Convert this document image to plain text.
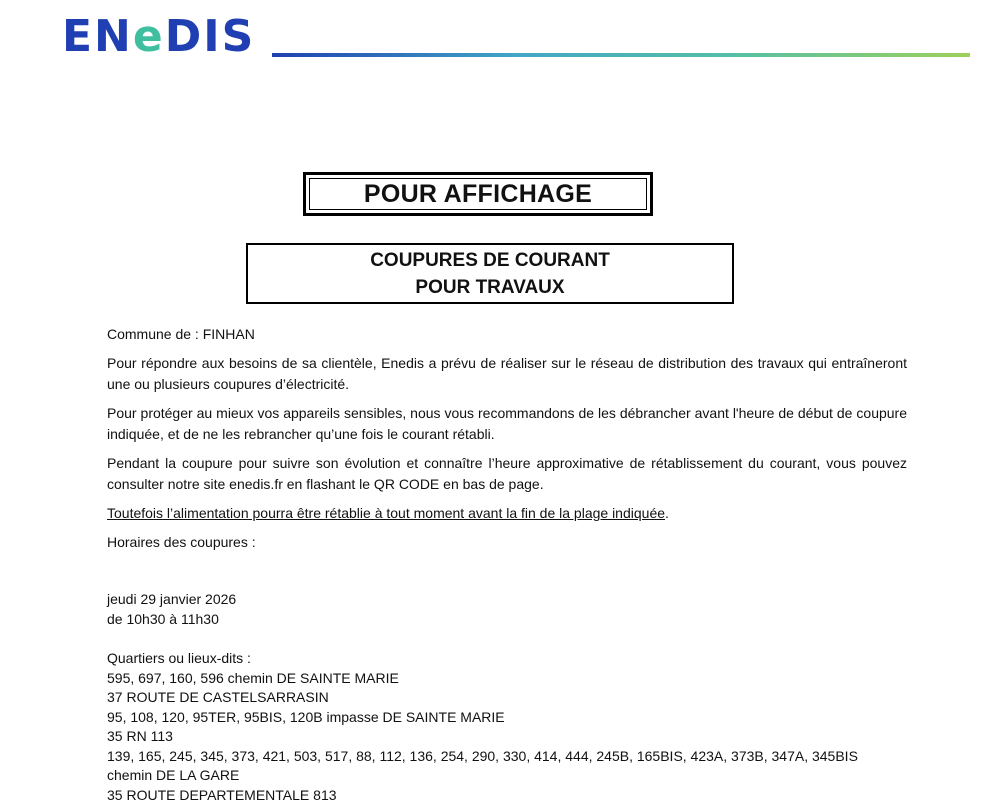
ENeDIS
POUR AFFICHAGE
COUPURES DE COURANT
POUR TRAVAUX

Commune de : FINHAN

Pour répondre aux besoins de sa clientèle, Enedis a prévu de réaliser sur le réseau de distribution des travaux qui entraîneront une ou plusieurs coupures d’électricité.

Pour protéger au mieux vos appareils sensibles, nous vous recommandons de les débrancher avant l'heure de début de coupure indiquée, et de ne les rebrancher qu’une fois le courant rétabli.

Pendant la coupure pour suivre son évolution et connaître l’heure approximative de rétablissement du courant, vous pouvez consulter notre site enedis.fr en flashant le QR CODE en bas de page.

Toutefois l’alimentation pourra être rétablie à tout moment avant la fin de la plage indiquée.

Horaires des coupures :

jeudi 29 janvier 2026
de 10h30 à 11h30
Quartiers ou lieux-dits :
595, 697, 160, 596 chemin DE SAINTE MARIE
37 ROUTE DE CASTELSARRASIN
95, 108, 120, 95TER, 95BIS, 120B impasse DE SAINTE MARIE
35 RN 113
139, 165, 245, 345, 373, 421, 503, 517, 88, 112, 136, 254, 290, 330, 414, 444, 245B, 165BIS, 423A, 373B, 347A, 345BIS
chemin DE LA GARE
35 ROUTE DEPARTEMENTALE 813
